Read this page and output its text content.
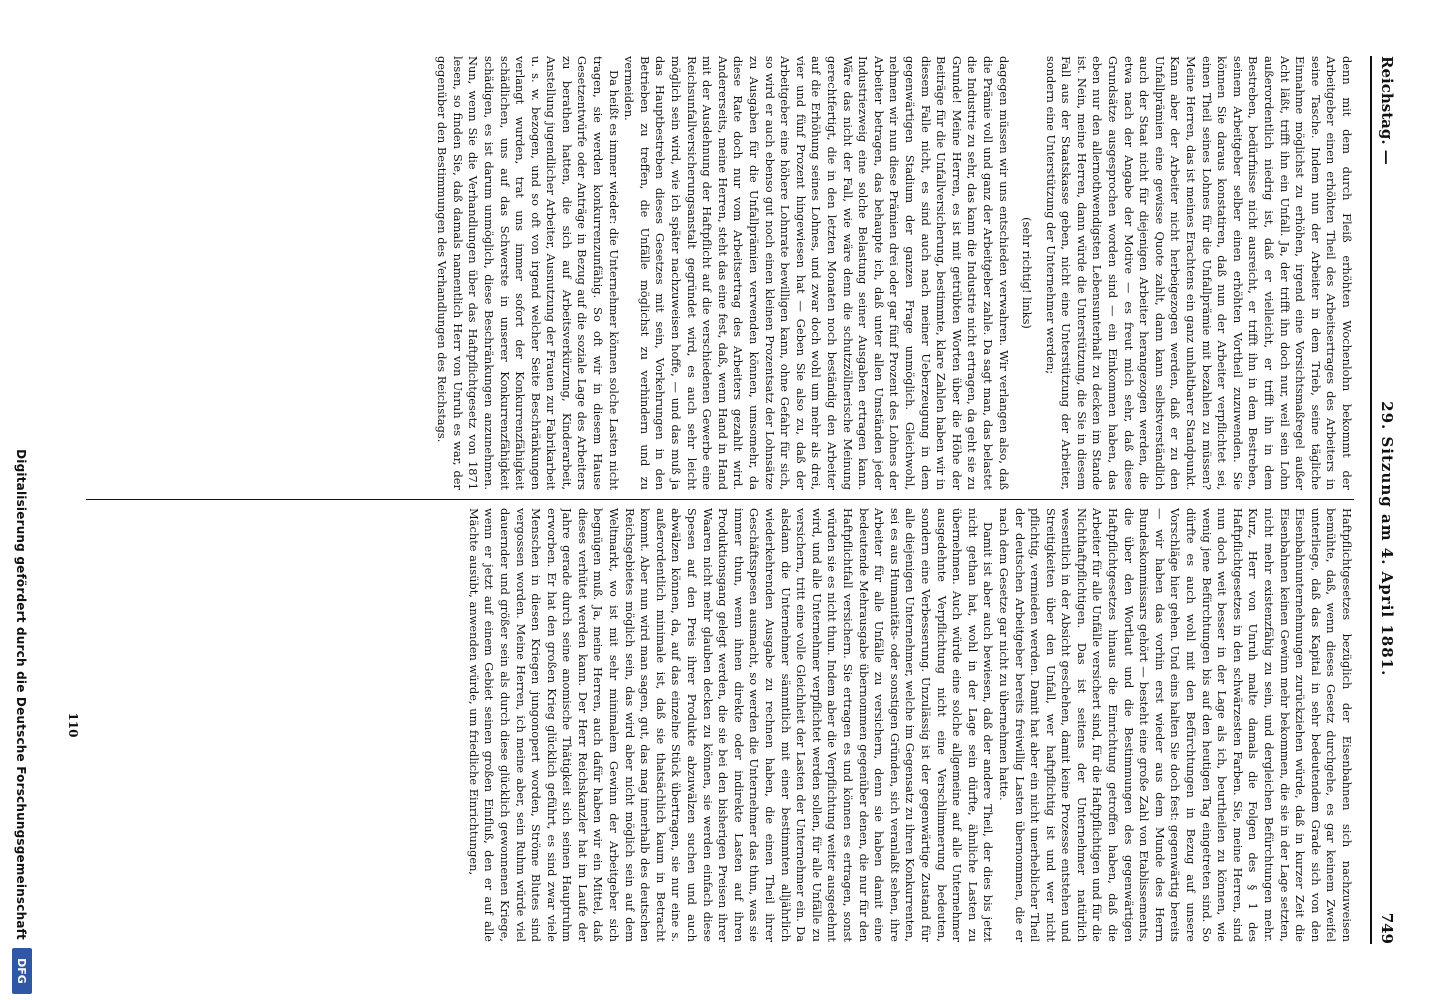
Reichstag. —
29. Sitzung am 4. April 1881.
749

denn mit dem durch Fleiß erhöhten Wochenlohn bekommt der Arbeitgeber einen erhöhten Theil des Arbeitsertrages des Arbeiters in seine Tasche. Indem nun der Arbeiter in dem Trieb, seine tägliche Einnahme möglichst zu erhöhen, irgend eine Vorsichtsmaßregel außer Acht läßt, trifft ihn ein Unfall. Ja, der trifft ihn doch nur, weil sein Lohn außerordentlich niedrig ist, daß er vielleicht, er trifft ihn in dem Bestreben, bedürfnisse nicht ausreicht, er trifft ihn in dem Bestreben, seinem Arbeitgeber selber einen erhöhten Vortheil zuzuwenden. Sie können Sie daraus konstatiren, daß nun der Arbeiter verpflichtet sei, einen Theil seines Lohnes für die Unfallprämie mit bezahlen zu müssen? Meine Herren, das ist meines Erachtens ein ganz unhaltbarer Standpunkt. Kann aber der Arbeiter nicht herbeigezogen werden, daß er zu den Unfallprämien eine gewisse Quote zahlt, dann kann selbstverständlich auch der Staat nicht für diejenigen Arbeiter herangezogen werden, die etwa nach der Angabe der Motive — es freut mich sehr, daß diese Grundsätze ausgesprochen worden sind — ein Einkommen haben, das eben nur den allernothwendigsten Lebensunterhalt zu decken im Stande ist. Nein, meine Herren, dann würde die Unterstützung, die Sie in diesem Fall aus der Staatskasse geben, nicht eine Unterstützung der Arbeiter, sondern eine Unterstützung der Unternehmer werden;

(sehr richtig! links)

dagegen müssen wir uns entschieden verwahren. Wir verlangen also, daß die Prämie voll und ganz der Arbeitgeber zahle. Da sagt man, das belastet die Industrie zu sehr, das kann die Industrie nicht ertragen, da geht sie zu Grunde! Meine Herren, es ist mit getrübten Worten über die Höhe der Beiträge für die Unfallversicherung, bestimmte, klare Zahlen haben wir in diesem Falle nicht, es sind auch nach meiner Ueberzeugung in dem gegenwärtigen Stadium der ganzen Frage unmöglich. Gleichwohl, nehmen wir nun diese Prämien drei oder gar fünf Prozent des Lohnes der Arbeiter betragen, das behaupte ich, daß unter allen Umständen jeder Industriezweig eine solche Belastung seiner Ausgaben ertragen kann. Wäre das nicht der Fall, wie wäre denn die schutzzöllnerische Meinung gerechtfertigt, die in den letzten Monaten noch beständig den Arbeiter auf die Erhöhung seines Lohnes, und zwar doch wohl um mehr als drei, vier und fünf Prozent hingewiesen hat — Geben Sie also zu, daß der Arbeitgeber eine höhere Lohnrate bewilligen kann, ohne Gefahr für sich, so wird er auch ebenso gut noch einen kleinen Prozentsatz der Lohnsätze zu Ausgaben für die Unfallprämien verwenden können, umsomehr, da diese Rate doch nur vom Arbeitsertrag des Arbeiters gezahlt wird. Andererseits, meine Herren, steht das eine fest, daß, wenn Hand in Hand mit der Ausdehnung der Haftpflicht auf die verschiedenen Gewerbe eine Reichsunfallversicherungsanstalt gegründet wird, es auch sehr leicht möglich sein wird, wie ich später nachzuweisen hoffe, — und das muß ja das Hauptbestreben dieses Gesetzes mit sein, Vorkehrungen in den Betrieben zu treffen, die Unfälle möglichst zu verhindern und zu vermeiden.

Da heißt es immer wieder: die Unternehmer können solche Lasten nicht tragen, sie werden konkurrenzunfähig. So oft wir in diesem Hause Gesetzentwürfe oder Anträge in Bezug auf die soziale Lage des Arbeiters zu berathen hatten, die sich auf Arbeitsverkürzung, Kinderarbeit, Anstellung jugendlicher Arbeiter, Ausnutzung der Frauen zur Fabrikarbeit u. s. w. bezogen, und so oft von irgend welcher Seite Beschränkungen verlangt wurden, trat uns immer sofort der Konkurrenzfähigkeit schädlichen, uns auf das Schwerste in unserer Konkurrenzfähigkeit schädigen, es ist darum unmöglich, diese Beschränkungen anzunehmen. Nun, wenn Sie die Verhandlungen über das Haftpflichtgesetz von 1871 lesen, so finden Sie, daß damals namentlich Herr von Unruh es war, der gegenüber den Bestimmungen des Verhandlungen des Reichstags.

Haftpflichtgesetzes bezüglich der Eisenbahnen sich nachzuweisen bemühte, daß, wenn dieses Gesetz durchgehe, es gar keinem Zweifel unterliege, daß das Kapital in sehr bedeutendem Grade sich von den Eisenbahnunternehmungen zurückziehen würde, daß in kurzer Zeit die Eisenbahnen keinen Gewinn mehr bekommen, die sie in der Lage setzten, nicht mehr existenzfähig zu sein, und dergleichen Befürchtungen mehr. Kurz, Herr von Unruh malte damals die Folgen des § 1 des Haftpflichtgesetzes in den schwärzesten Farben. Sie, meine Herren, sind nun doch weit besser in der Lage als ich, beurtheilen zu können, wie wenig jene Befürchtungen bis auf den heutigen Tag eingetreten sind. So dürfte es auch wohl mit den Befürchtungen in Bezug auf unsere Vorschläge hier gehen. Und eins halten Sie doch fest: gegenwärtig bereits — wir haben das vorhin erst wieder aus dem Munde des Herrn Bundeskommissars gehört — besteht eine große Zahl von Etablissements, die über den Wortlaut und die Bestimmungen des gegenwärtigen Haftpflichtgesetzes hinaus die Einrichtung getroffen haben, daß die Arbeiter für alle Unfälle versichert sind, für die Haftpflichtigen und für die Nichthaftpflichtigen. Das ist seitens der Unternehmer natürlich wesentlich in der Absicht geschehen, damit keine Prozesse entstehen und Streitigkeiten über den Unfall, wer haftpflichtig ist und wer nicht pflichtig, vermieden werden. Damit hat aber ein nicht unerheblicher Theil der deutschen Arbeitgeber bereits freiwillig Lasten übernommen, die er nach dem Gesetze gar nicht zu übernehmen hatte.

Damit ist aber auch bewiesen, daß der andere Theil, der dies bis jetzt nicht gethan hat, wohl in der Lage sein dürfte, ähnliche Lasten zu übernehmen. Auch würde eine solche allgemeine auf alle Unternehmer ausgedehnte Verpflichtung nicht eine Verschlimmerung bedeuten, sondern eine Verbesserung. Unzulässig ist der gegenwärtige Zustand für alle diejenigen Unternehmer, welche im Gegensatz zu ihren Konkurrenten, sei es aus Humanitäts- oder sonstigen Gründen, sich veranlaßt sehen, ihre Arbeiter für alle Unfälle zu versichern, denn sie haben damit eine bedeutende Mehrausgabe übernommen gegenüber denen, die nur für den Haftpflichtfall versichern. Sie ertragen es und können es ertragen, sonst würden sie es nicht thun. Indem aber die Verpflichtung weiter ausgedehnt wird, und alle Unternehmer verpflichtet werden sollen, für alle Unfälle zu versichern, tritt eine volle Gleichheit der Lasten der Unternehmer ein. Da alsdann die Unternehmer sämmtlich mit einer bestimmten alljährlich wiederkehrenden Ausgabe zu rechnen haben, die einen Theil ihrer Geschäftsspesen ausmacht, so werden die Unternehmer das thun, was sie immer thun, wenn ihnen direkte oder indirekte Lasten auf ihren Produktionsgang gelegt werden, die sie bei den bisherigen Preisen ihrer Waaren nicht mehr glauben decken zu können, sie werden einfach diese Spesen auf den Preis ihrer Produkte abzuwälzen suchen und auch abwälzen können, da, auf das einzelne Stück übertragen, sie nur eine s. außerordentlich minimale ist, daß sie thatsächlich kaum in Betracht kommt. Aber nun wird man sagen, gut, das mag innerhalb des deutschen Reichsgebietes möglich sein, das wird aber nicht möglich sein auf dem Weltmarkt, wo ist mit sehr minimalem Gewinn der Arbeitgeber sich begnügen muß. Ja, meine Herren, auch dafür haben wir ein Mittel, daß dieses verhütet werden kann. Der Herr Reichskanzler hat im Laufe der Jahre gerade durch seine anomische Thätigkeit sich seinen Hauptruhm erworben. Er hat den großen Krieg glücklich geführt, es sind zwar viele Menschen in diesen Kriegen jungonopert worden, Ströme Blutes sind vergossen worden. Meine Herren, ich meine aber, sein Ruhm würde viel dauernder und größer sein als durch diese glücklich gewonnenen Kriege, wenn er jetzt auf einem Gebiet seinen großen Einfluß, den er auf alle Mächte ausübt, anwenden würde, um friedliche Einrichtungen,

110
Digitalisierung gefördert durch die Deutsche Forschungsgemeinschaft
DFG
